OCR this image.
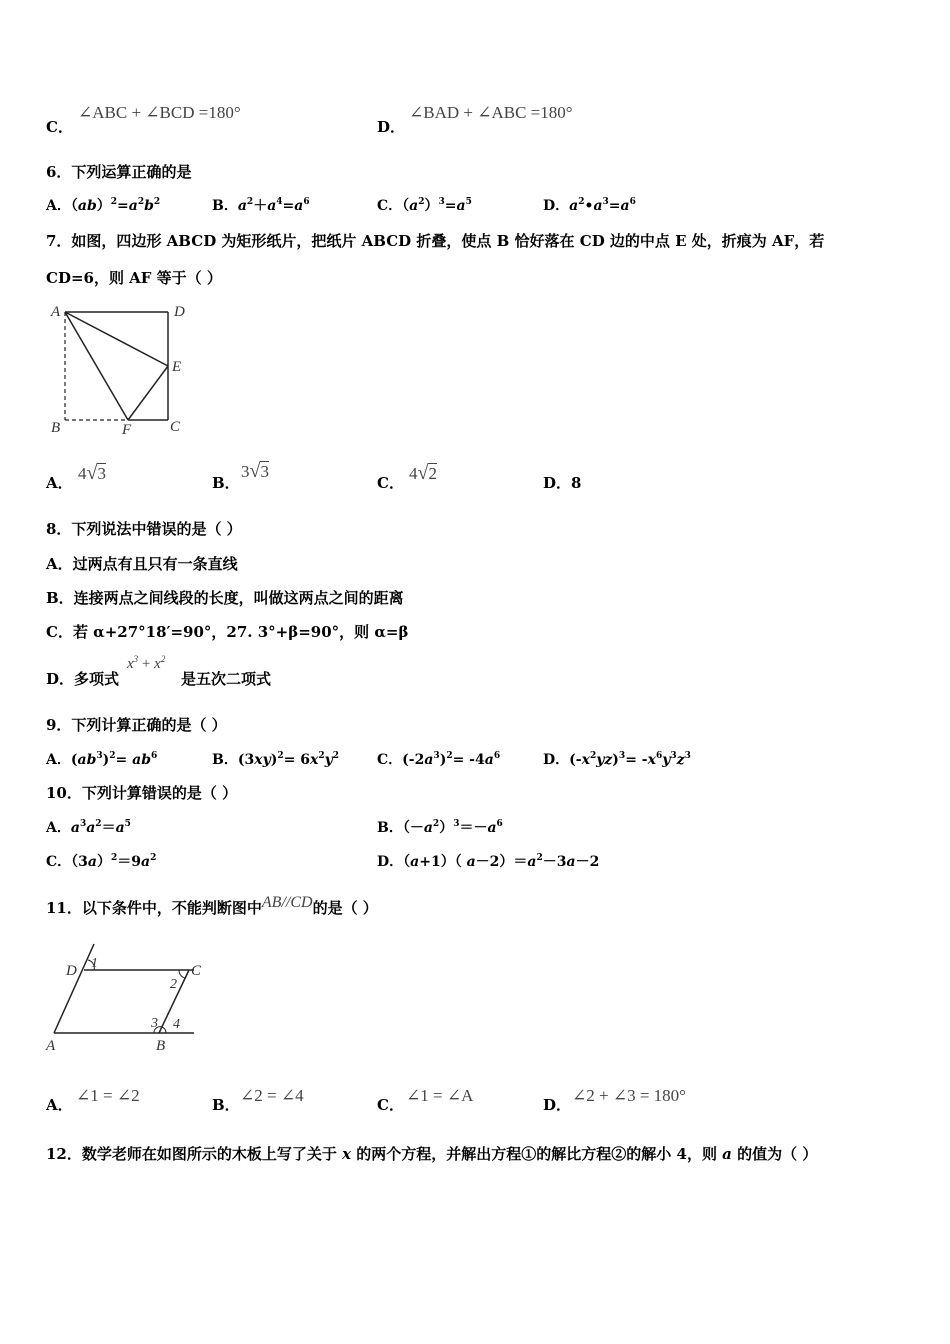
C．
∠ABC + ∠BCD =180°
D．
∠BAD + ∠ABC =180°
6．下列运算正确的是
A．$(ab)^2=a^2b^2$	B．$a^2+a^4=a^6$	C．$(a^2)^3=a^5$	D．$a^2•a^3=a^6$
7．如图，四边形 ABCD 为矩形纸片，把纸片 ABCD 折叠，使点 B 恰好落在 CD 边的中点 E 处，折痕为 AF，若
CD=6，则 AF 等于（ ）
A	D
E
B	F	C
A． 4√3	B．
3√3
C． 4√2	D．8
8．下列说法中错误的是（ ）
A．过两点有且只有一条直线
B．连接两点之间线段的长度，叫做这两点之间的距离
C．若 α+27°18′=90°，27. 3°+β=90°，则 α=β
D．多项式
$x^3 + x^2$
是五次二项式
9．下列计算正确的是（ ）
A．$(ab^3)^2= ab^6$	B．$(3xy)^2= 6x^2y^2$	C．$(-2a^3)^2= -4a^6$	D．$(-x^2yz)^3= -x^6y^3z^3$
10．下列计算错误的是（ ）
A．$a^3a^2=a^5$	B．$(-a^2)^3=-a^6$
C．$(3a)^2=9a^2$	D．（a+1）（ $a-2)=a^2-3a-2$
11．以下条件中，不能判断图中AB//CD的是（ ）
D 1	C
2
3 4
A	B
A． ∠1 = ∠2	B． ∠2 = ∠4	C． ∠1 = ∠A	D． ∠2 + ∠3 = 180°
12．数学老师在如图所示的木板上写了关于 x 的两个方程，并解出方程①的解比方程②的解小 4，则 a 的值为（ ）
